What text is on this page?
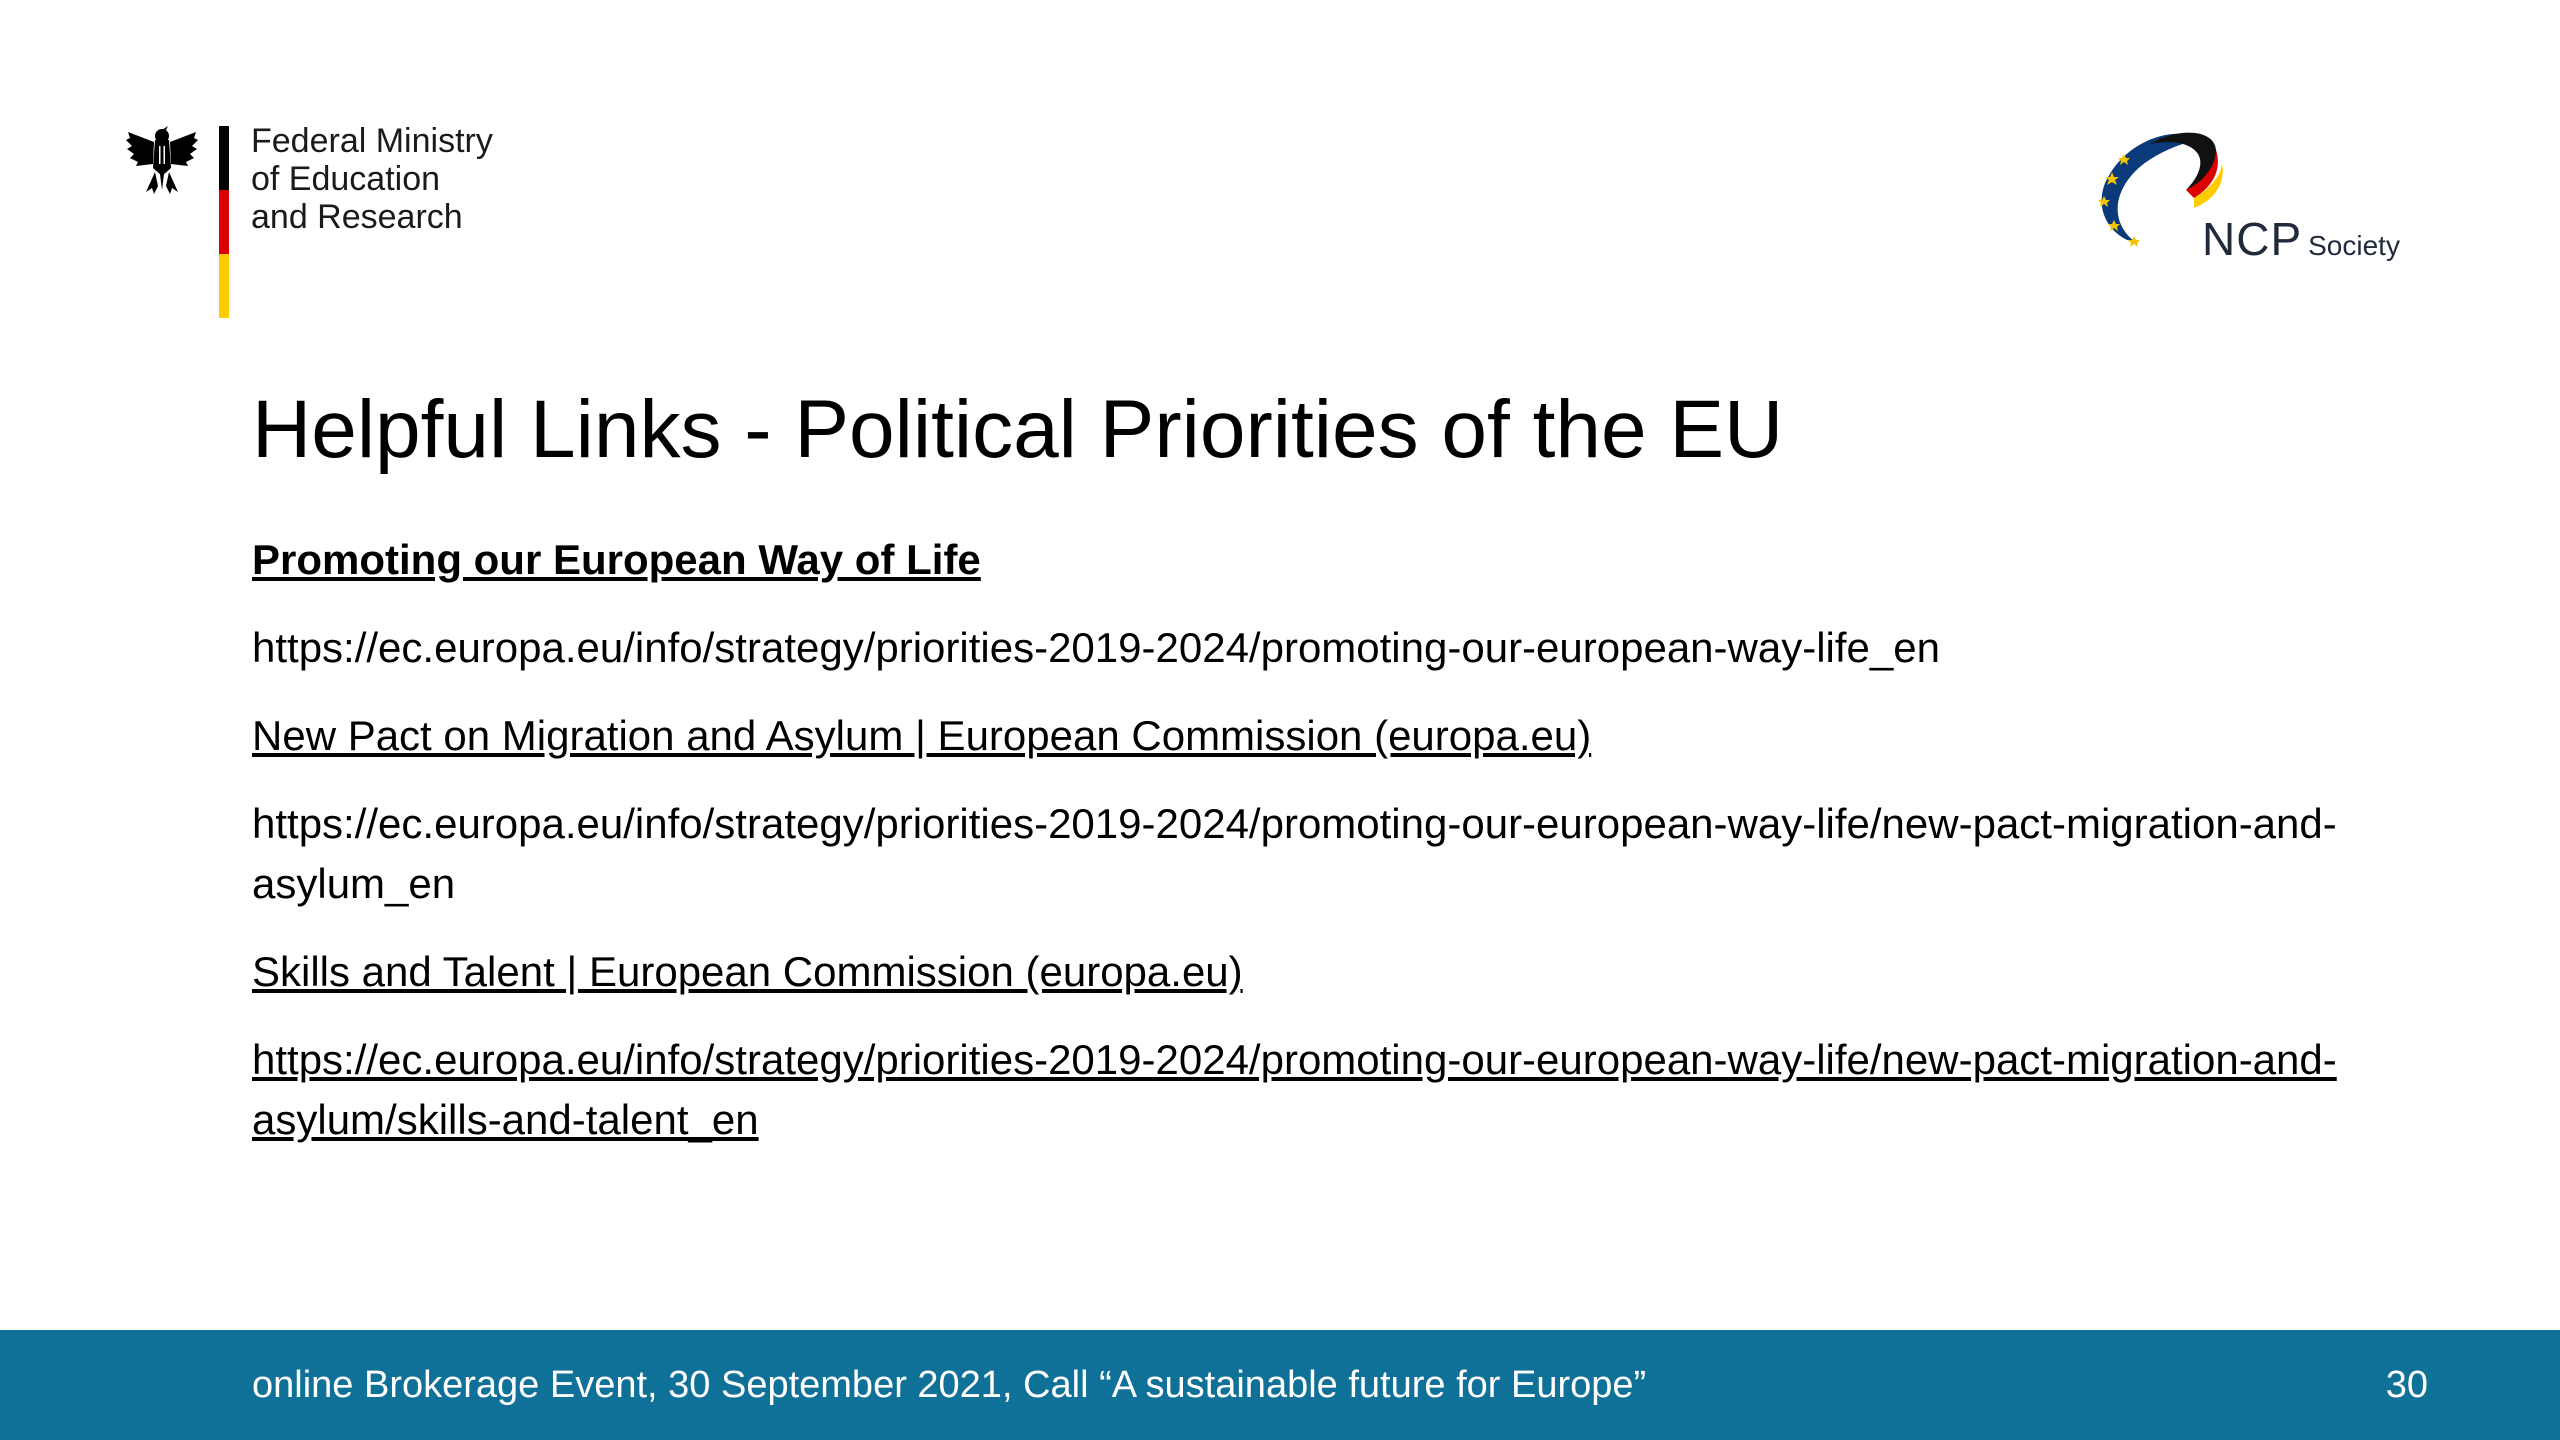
Federal Ministry
of Education
and Research	NCP Society
Helpful Links - Political Priorities of the EU

Promoting our European Way of Life

https://ec.europa.eu/info/strategy/priorities-2019-2024/promoting-our-european-way-life_en

New Pact on Migration and Asylum | European Commission (europa.eu)

https://ec.europa.eu/info/strategy/priorities-2019-2024/promoting-our-european-way-life/new-pact-migration-and-asylum_en

Skills and Talent | European Commission (europa.eu)

https://ec.europa.eu/info/strategy/priorities-2019-2024/promoting-our-european-way-life/new-pact-migration-and-asylum/skills-and-talent_en

online Brokerage Event, 30 September 2021, Call “A sustainable future for Europe”	30
